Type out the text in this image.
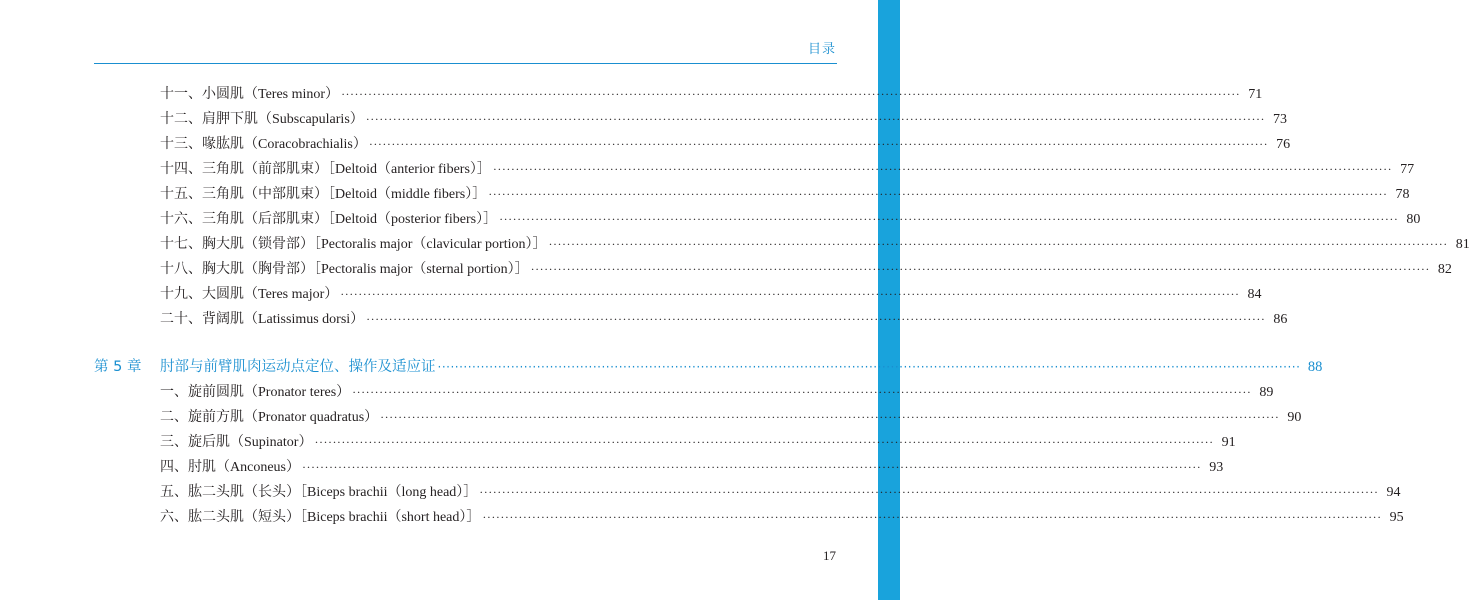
目录
十一、小圆肌（Teres minor） ········································································································································································································ 71
十二、肩胛下肌（Subscapularis） ········································································································································································································ 73
十三、喙肱肌（Coracobrachialis） ········································································································································································································ 76
十四、三角肌（前部肌束）［Deltoid（anterior fibers）］ ········································································································································································································ 77
十五、三角肌（中部肌束）［Deltoid（middle fibers）］ ········································································································································································································ 78
十六、三角肌（后部肌束）［Deltoid（posterior fibers）］ ········································································································································································································ 80
十七、胸大肌（锁骨部）［Pectoralis major（clavicular portion）］ ········································································································································································································ 81
十八、胸大肌（胸骨部）［Pectoralis major（sternal portion）］ ········································································································································································································ 82
十九、大圆肌（Teres major） ········································································································································································································ 84
二十、背阔肌（Latissimus dorsi） ········································································································································································································ 86
第 5 章	肘部与前臂肌肉运动点定位、操作及适应证 ········································································································································································································ 88
一、旋前圆肌（Pronator teres） ········································································································································································································ 89
二、旋前方肌（Pronator quadratus） ········································································································································································································ 90
三、旋后肌（Supinator） ········································································································································································································ 91
四、肘肌（Anconeus） ········································································································································································································ 93
五、肱二头肌（长头）［Biceps brachii（long head）］ ········································································································································································································ 94
六、肱二头肌（短头）［Biceps brachii（short head）］ ········································································································································································································ 95
17
